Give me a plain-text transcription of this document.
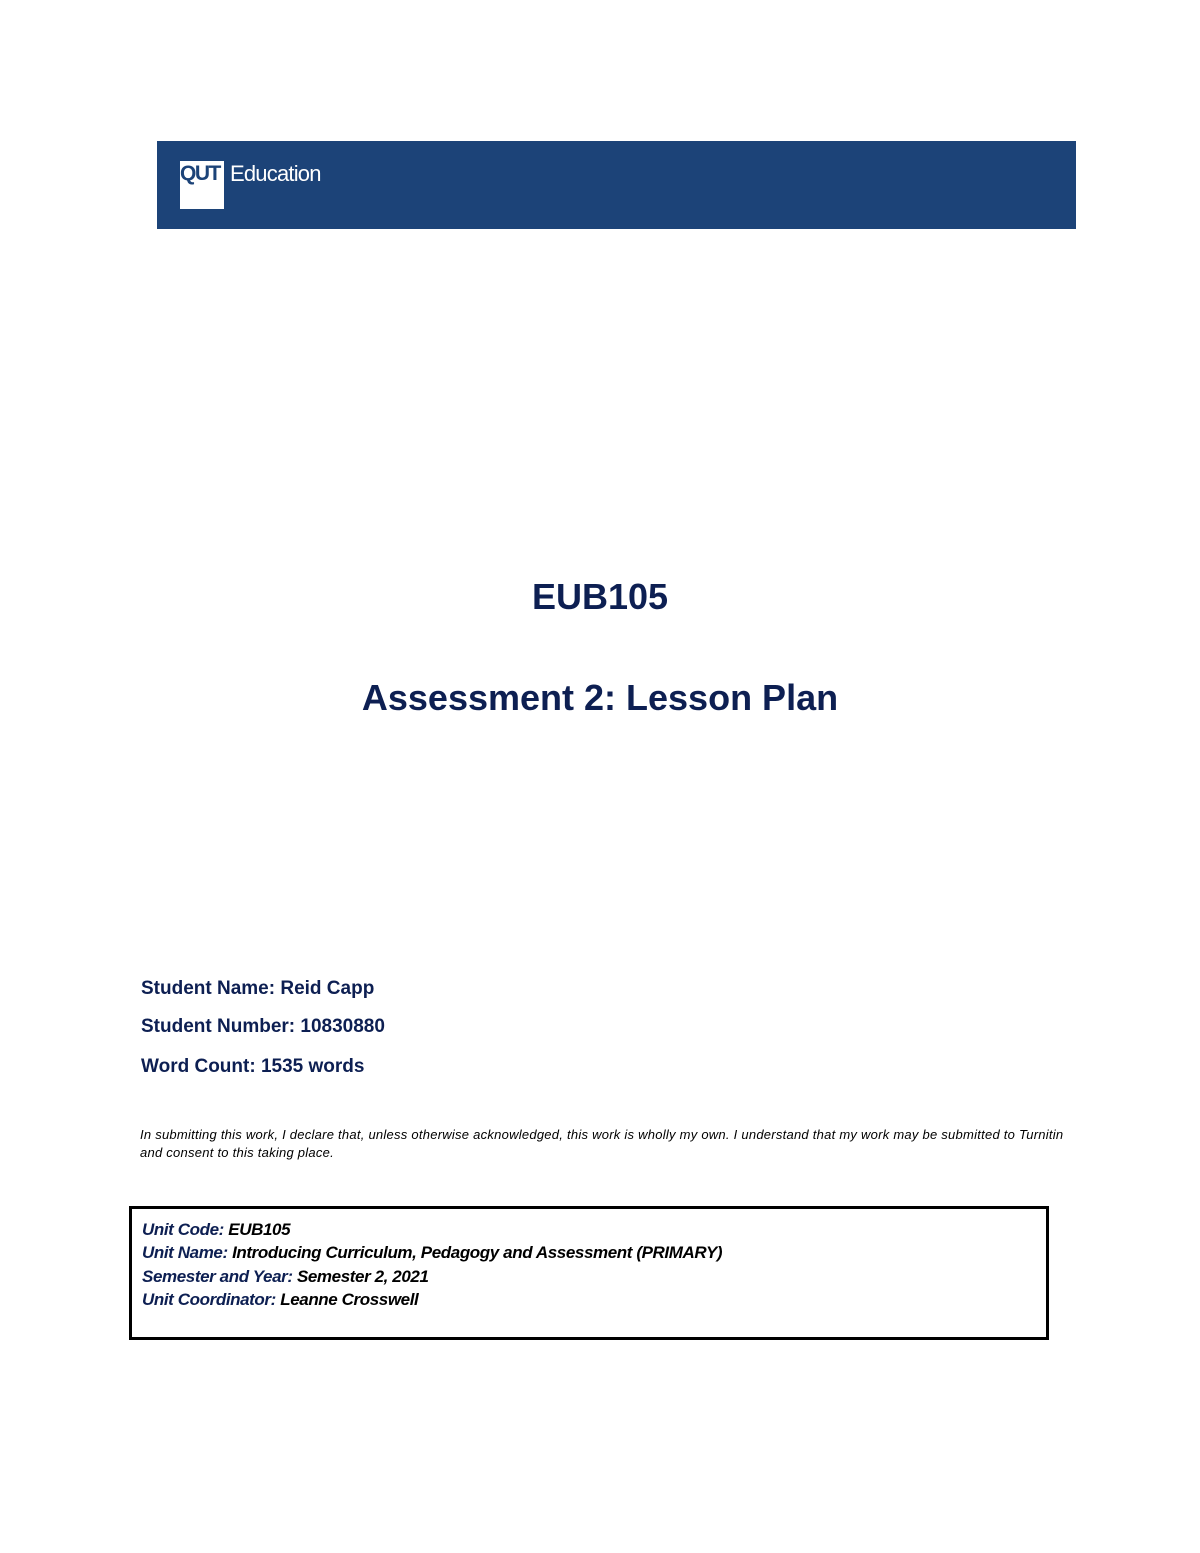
QUT Education
EUB105
Assessment 2: Lesson Plan
Student Name: Reid Capp
Student Number: 10830880
Word Count: 1535 words
In submitting this work, I declare that, unless otherwise acknowledged, this work is wholly my own. I understand that my work may be submitted to Turnitin and consent to this taking place.
Unit Code: EUB105
Unit Name: Introducing Curriculum, Pedagogy and Assessment (PRIMARY)
Semester and Year: Semester 2, 2021
Unit Coordinator: Leanne Crosswell
